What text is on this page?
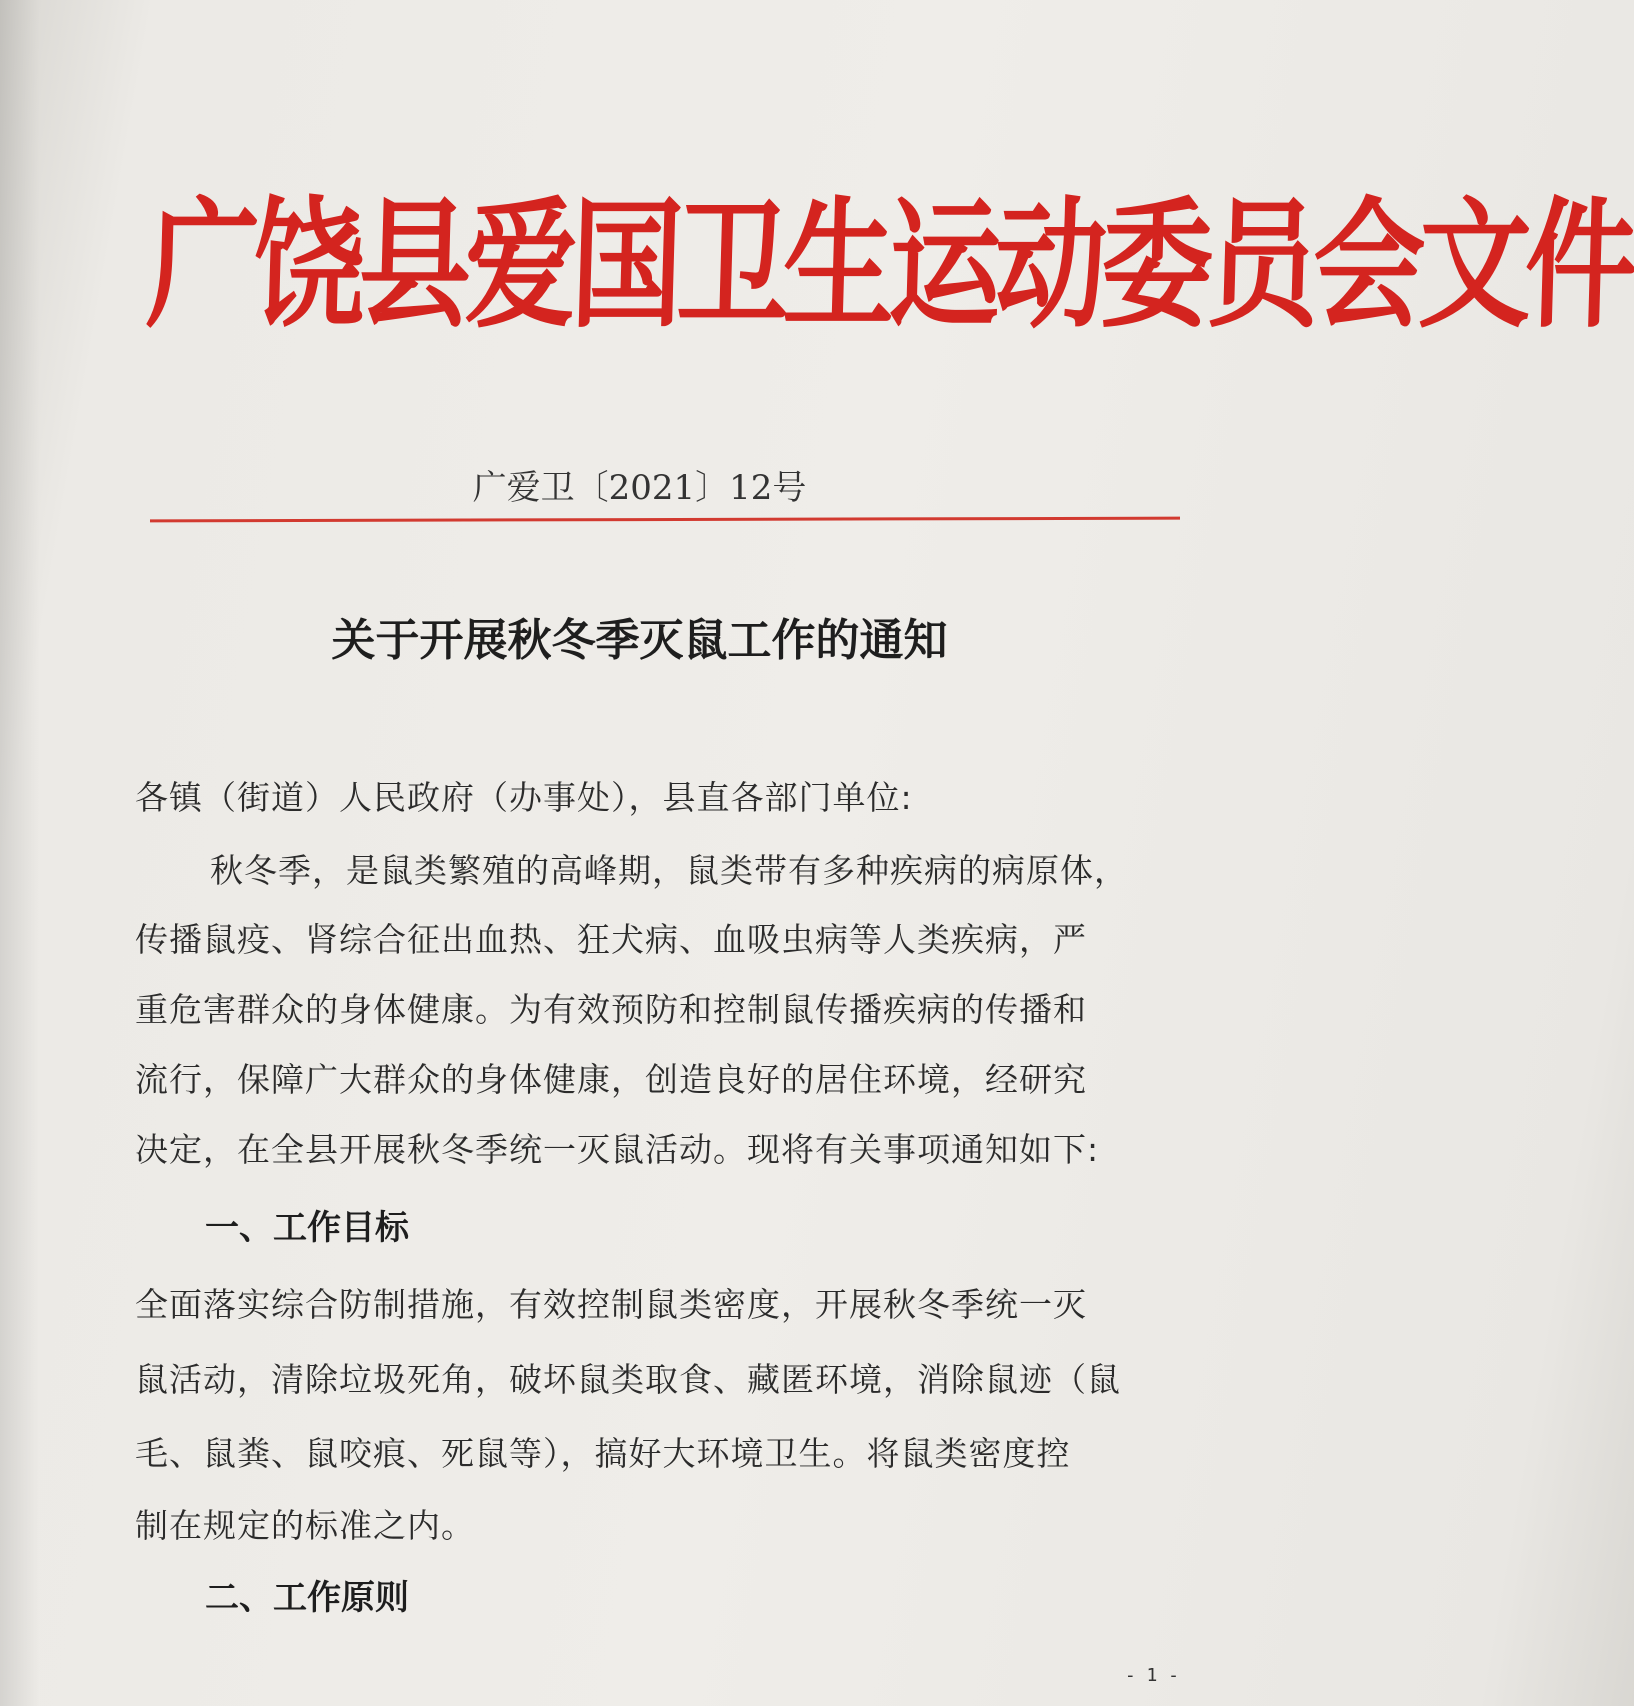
广饶县爱国卫生运动委员会文件
广爱卫〔2021〕12号
关于开展秋冬季灭鼠工作的通知
各镇（街道）人民政府（办事处），县直各部门单位:
秋冬季，是鼠类繁殖的高峰期，鼠类带有多种疾病的病原体，
传播鼠疫、肾综合征出血热、狂犬病、血吸虫病等人类疾病，严
重危害群众的身体健康。为有效预防和控制鼠传播疾病的传播和
流行，保障广大群众的身体健康，创造良好的居住环境，经研究
决定，在全县开展秋冬季统一灭鼠活动。现将有关事项通知如下:
一、工作目标
全面落实综合防制措施，有效控制鼠类密度，开展秋冬季统一灭
鼠活动，清除垃圾死角，破坏鼠类取食、藏匿环境，消除鼠迹（鼠
毛、鼠粪、鼠咬痕、死鼠等），搞好大环境卫生。将鼠类密度控
制在规定的标准之内。
二、工作原则
- 1 -
